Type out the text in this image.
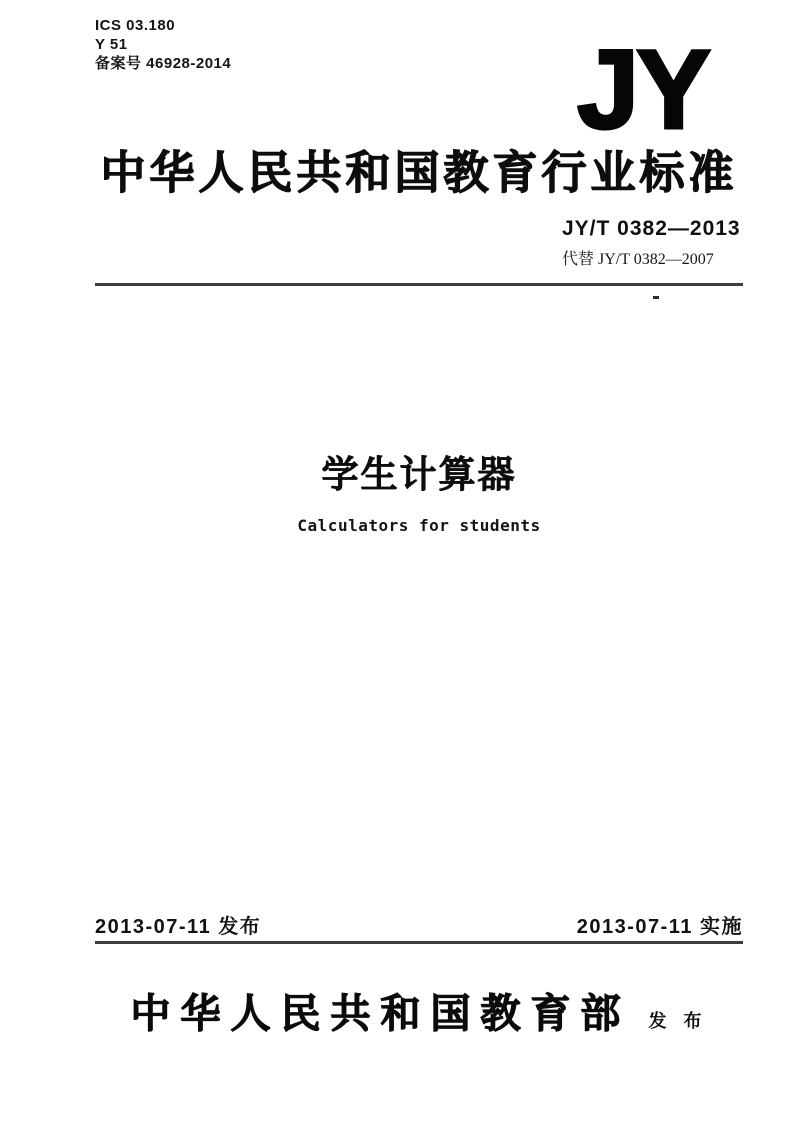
ICS 03.180
Y 51
备案号 46928-2014	JY
中华人民共和国教育行业标准
JY/T 0382—2013
代替 JY/T 0382—2007
学生计算器
Calculators for students
2013-07-11 发布	2013-07-11 实施
中华人民共和国教育部 发 布
